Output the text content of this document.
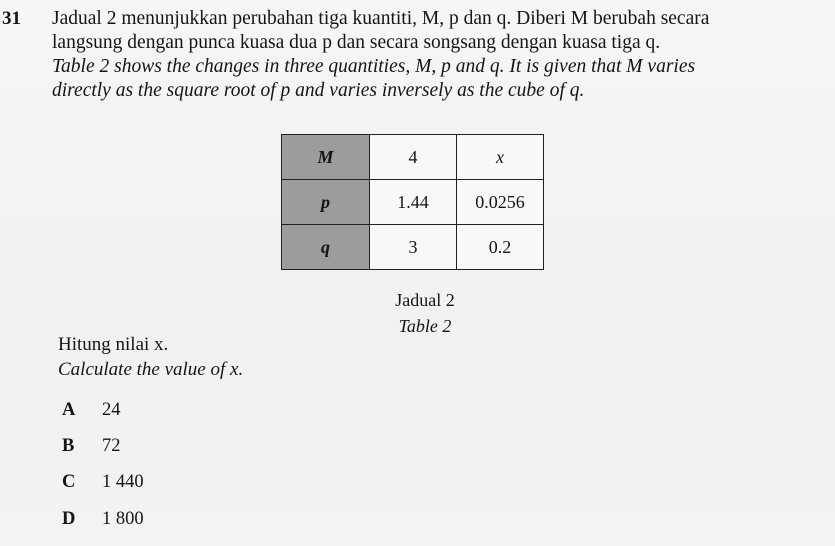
31 Jadual 2 menunjukkan perubahan tiga kuantiti, M, p dan q. Diberi M berubah secara

langsung dengan punca kuasa dua p dan secara songsang dengan kuasa tiga q.

Table 2 shows the changes in three quantities, M, p and q. It is given that M varies

directly as the square root of p and varies inversely as the cube of q.

M	4	x
p	1.44	0.0256
q	3	0.2
Jadual 2
Table 2
Hitung nilai x.
Calculate the value of x.
A	24
B	72
C	1 440
D	1 800
